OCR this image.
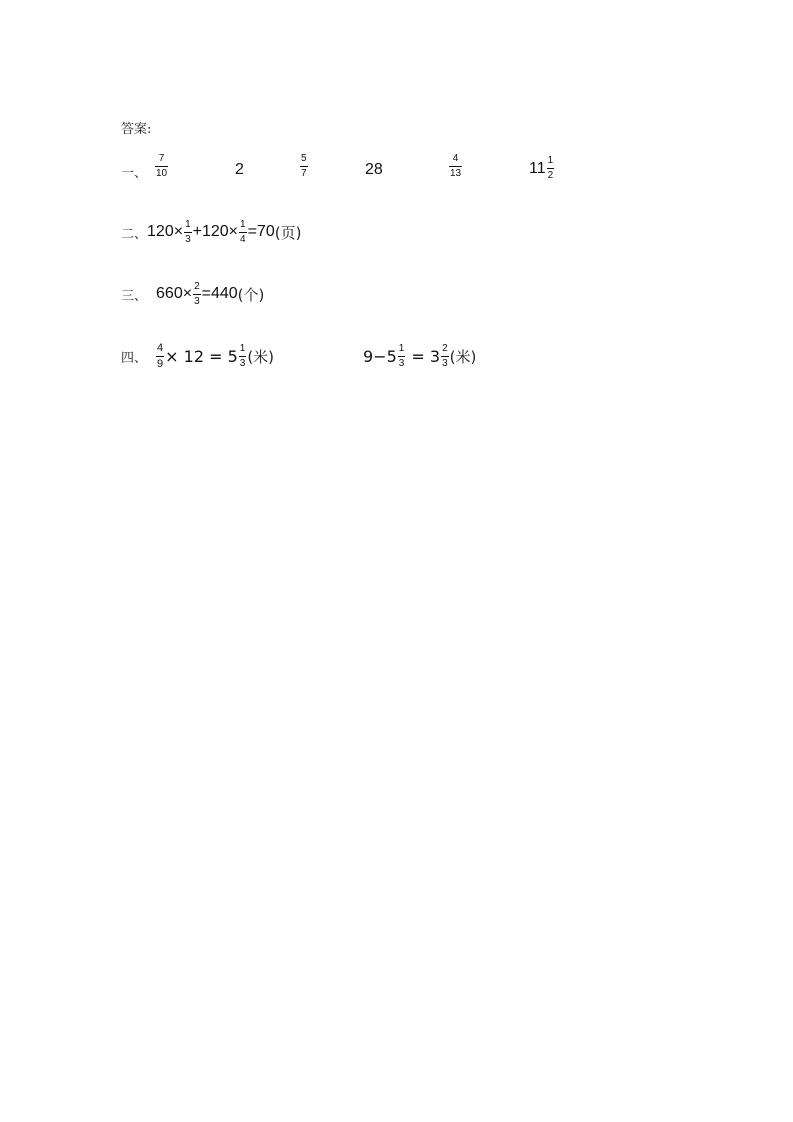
答案:
一、
7
10	2
5
7	28
4
13	$11 \frac{1}{2}$
二、 $120\times \frac{1}{3} +120\times \frac{1}{4} =70$ (页)
三、 $660\times \frac{2}{3} =440$ (个)
四、 $\frac{4}{9} \times 12 = 5 \frac{1}{3}$ (米)	$9-5 \frac{1}{3} = 3 \frac{2}{3}$ (米)
